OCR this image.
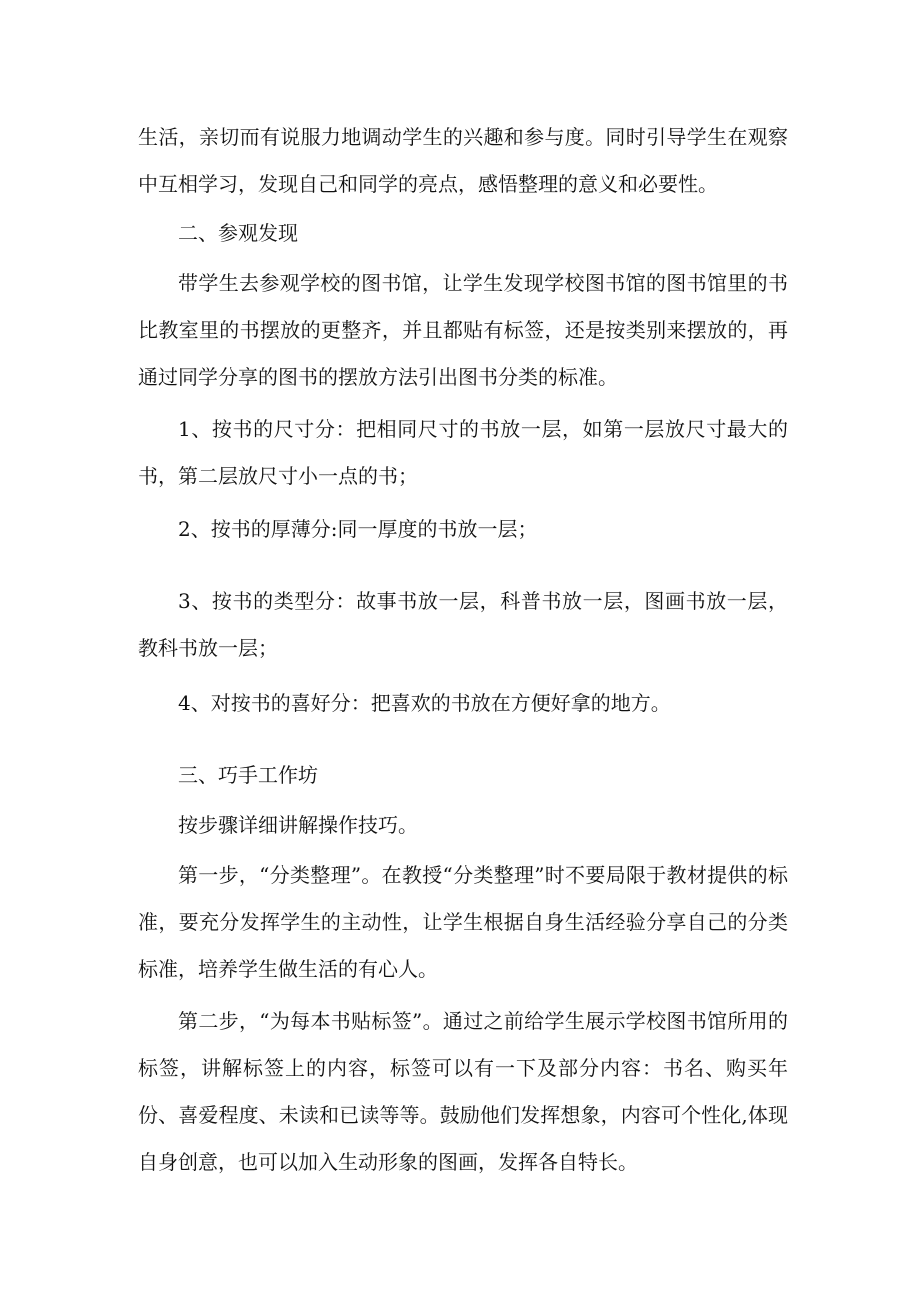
生活，亲切而有说服力地调动学生的兴趣和参与度。同时引导学生在观察中互相学习，发现自己和同学的亮点，感悟整理的意义和必要性。

二、参观发现

带学生去参观学校的图书馆，让学生发现学校图书馆的图书馆里的书比教室里的书摆放的更整齐，并且都贴有标签，还是按类别来摆放的，再通过同学分享的图书的摆放方法引出图书分类的标准。

1、按书的尺寸分：把相同尺寸的书放一层，如第一层放尺寸最大的书，第二层放尺寸小一点的书；

2、按书的厚薄分:同一厚度的书放一层；

3、按书的类型分：故事书放一层，科普书放一层，图画书放一层，教科书放一层；

4、对按书的喜好分：把喜欢的书放在方便好拿的地方。

三、巧手工作坊

按步骤详细讲解操作技巧。

第一步，“分类整理”。在教授“分类整理”时不要局限于教材提供的标准，要充分发挥学生的主动性，让学生根据自身生活经验分享自己的分类标准，培养学生做生活的有心人。

第二步，“为每本书贴标签”。通过之前给学生展示学校图书馆所用的标签，讲解标签上的内容，标签可以有一下及部分内容：书名、购买年份、喜爱程度、未读和已读等等。鼓励他们发挥想象，内容可个性化,体现自身创意，也可以加入生动形象的图画，发挥各自特长。
